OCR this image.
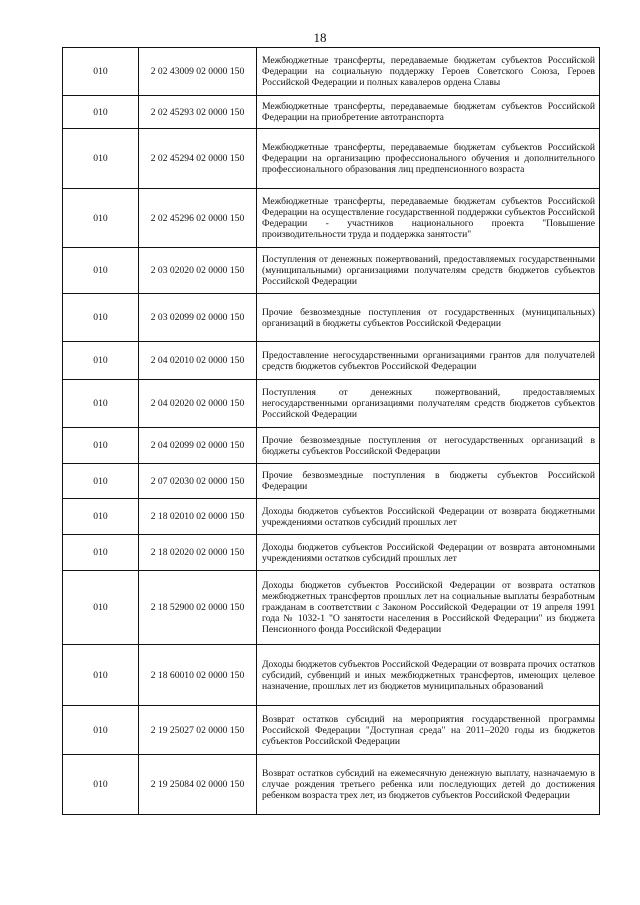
18
010	2 02 43009 02 0000 150	Межбюджетные трансферты, передаваемые бюджетам субъектов Российской Федерации на социальную поддержку Героев Советского Союза, Героев Российской Федерации и полных кавалеров ордена Славы
010	2 02 45293 02 0000 150	Межбюджетные трансферты, передаваемые бюджетам субъектов Российской Федерации на приобретение автотранспорта
010	2 02 45294 02 0000 150	Межбюджетные трансферты, передаваемые бюджетам субъектов Российской Федерации на организацию профессионального обучения и дополнительного профессионального образования лиц предпенсионного возраста
010	2 02 45296 02 0000 150	Межбюджетные трансферты, передаваемые бюджетам субъектов Российской Федерации на осуществление государственной поддержки субъектов Российской Федерации - участников национального проекта "Повышение производительности труда и поддержка занятости"
010	2 03 02020 02 0000 150	Поступления от денежных пожертвований, предоставляемых государственными (муниципальными) организациями получателям средств бюджетов субъектов Российской Федерации
010	2 03 02099 02 0000 150	Прочие безвозмездные поступления от государственных (муниципальных) организаций в бюджеты субъектов Российской Федерации
010	2 04 02010 02 0000 150	Предоставление негосударственными организациями грантов для получателей средств бюджетов субъектов Российской Федерации
010	2 04 02020 02 0000 150	Поступления от денежных пожертвований, предоставляемых негосударственными организациями получателям средств бюджетов субъектов Российской Федерации
010	2 04 02099 02 0000 150	Прочие безвозмездные поступления от негосударственных организаций в бюджеты субъектов Российской Федерации
010	2 07 02030 02 0000 150	Прочие безвозмездные поступления в бюджеты субъектов Российской Федерации
010	2 18 02010 02 0000 150	Доходы бюджетов субъектов Российской Федерации от возврата бюджетными учреждениями остатков субсидий прошлых лет
010	2 18 02020 02 0000 150	Доходы бюджетов субъектов Российской Федерации от возврата автономными учреждениями остатков субсидий прошлых лет
010	2 18 52900 02 0000 150	Доходы бюджетов субъектов Российской Федерации от возврата остатков межбюджетных трансфертов прошлых лет на социальные выплаты безработным гражданам в соответствии с Законом Российской Федерации от 19 апреля 1991 года № 1032-1 "О занятости населения в Российской Федерации" из бюджета Пенсионного фонда Российской Федерации
010	2 18 60010 02 0000 150	Доходы бюджетов субъектов Российской Федерации от возврата прочих остатков субсидий, субвенций и иных межбюджетных трансфертов, имеющих целевое назначение, прошлых лет из бюджетов муниципальных образований
010	2 19 25027 02 0000 150	Возврат остатков субсидий на мероприятия государственной программы Российской Федерации "Доступная среда" на 2011–2020 годы из бюджетов субъектов Российской Федерации
010	2 19 25084 02 0000 150	Возврат остатков субсидий на ежемесячную денежную выплату, назначаемую в случае рождения третьего ребенка или последующих детей до достижения ребенком возраста трех лет, из бюджетов субъектов Российской Федерации
